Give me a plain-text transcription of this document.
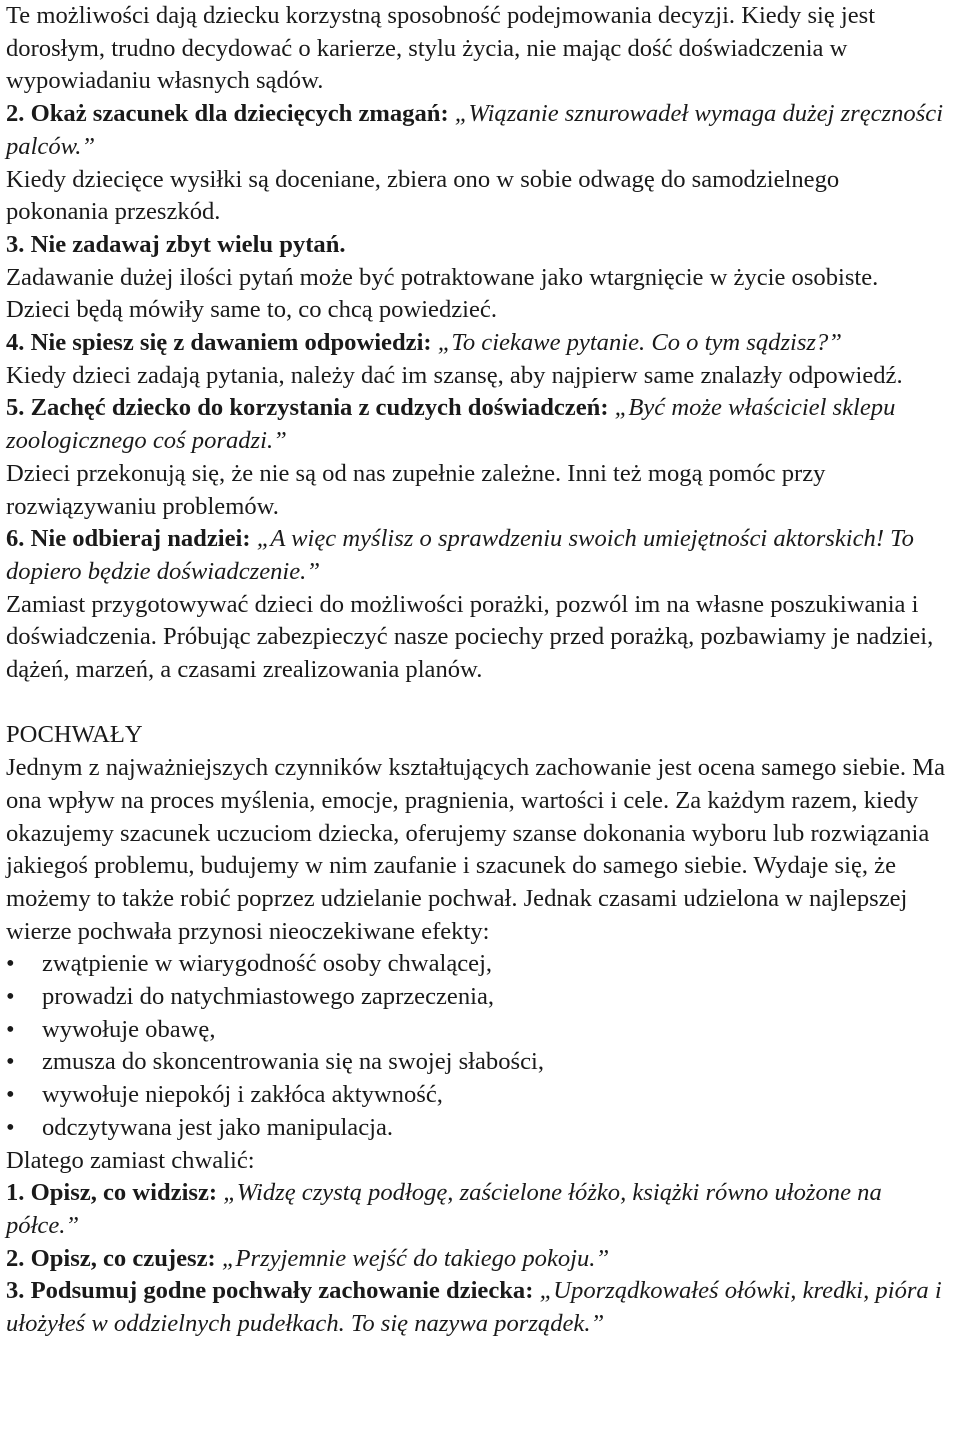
Te możliwości dają dziecku korzystną sposobność podejmowania decyzji. Kiedy się jest dorosłym, trudno decydować o karierze, stylu życia, nie mając dość doświadczenia w wypowiadaniu własnych sądów.

2. Okaż szacunek dla dziecięcych zmagań: „Wiązanie sznurowadeł wymaga dużej zręczności palców.”

Kiedy dziecięce wysiłki są doceniane, zbiera ono w sobie odwagę do samodzielnego pokonania przeszkód.

3. Nie zadawaj zbyt wielu pytań.

Zadawanie dużej ilości pytań może być potraktowane jako wtargnięcie w życie osobiste. Dzieci będą mówiły same to, co chcą powiedzieć.

4. Nie spiesz się z dawaniem odpowiedzi: „To ciekawe pytanie. Co o tym sądzisz?”

Kiedy dzieci zadają pytania, należy dać im szansę, aby najpierw same znalazły odpowiedź.

5. Zachęć dziecko do korzystania z cudzych doświadczeń: „Być może właściciel sklepu zoologicznego coś poradzi.”

Dzieci przekonują się, że nie są od nas zupełnie zależne. Inni też mogą pomóc przy rozwiązywaniu problemów.

6. Nie odbieraj nadziei: „A więc myślisz o sprawdzeniu swoich umiejętności aktorskich! To dopiero będzie doświadczenie.”

Zamiast przygotowywać dzieci do możliwości porażki, pozwól im na własne poszukiwania i doświadczenia. Próbując zabezpieczyć nasze pociechy przed porażką, pozbawiamy je nadziei, dążeń, marzeń, a czasami zrealizowania planów.

POCHWAŁY

Jednym z najważniejszych czynników kształtujących zachowanie jest ocena samego siebie. Ma ona wpływ na proces myślenia, emocje, pragnienia, wartości i cele. Za każdym razem, kiedy okazujemy szacunek uczuciom dziecka, oferujemy szanse dokonania wyboru lub rozwiązania jakiegoś problemu, budujemy w nim zaufanie i szacunek do samego siebie. Wydaje się, że możemy to także robić poprzez udzielanie pochwał. Jednak czasami udzielona w najlepszej wierze pochwała przynosi nieoczekiwane efekty:

•	zwątpienie w wiarygodność osoby chwalącej,
•	prowadzi do natychmiastowego zaprzeczenia,
•	wywołuje obawę,
•	zmusza do skoncentrowania się na swojej słabości,
•	wywołuje niepokój i zakłóca aktywność,
•	odczytywana jest jako manipulacja.

Dlatego zamiast chwalić:

1. Opisz, co widzisz: „Widzę czystą podłogę, zaścielone łóżko, książki równo ułożone na półce.”

2. Opisz, co czujesz: „Przyjemnie wejść do takiego pokoju.”

3. Podsumuj godne pochwały zachowanie dziecka: „Uporządkowałeś ołówki, kredki, pióra i ułożyłeś w oddzielnych pudełkach. To się nazywa porządek.”
